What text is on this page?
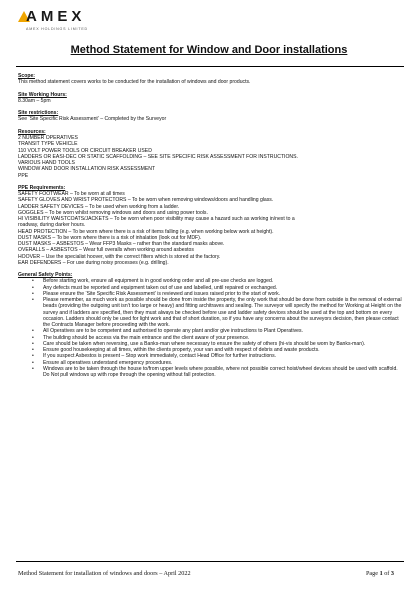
AMEX
AMEX HOLDINGS LIMITED
Method Statement for Window and Door installations
Scope:
This method statement covers works to be conducted for the installation of windows and door products.
Site Working Hours:
8.30am – 5pm
Site restrictions:
See ‘Site Specific Risk Assessment’ – Completed by the Surveyor
Resources:
2 NUMBER OPERATIVES
TRANSIT TYPE VEHICLE
110 VOLT POWER TOOLS OR CIRCUIT BREAKER USED
LADDERS OR EASI-DEC OR STATIC SCAFFOLDING – SEE SITE SPECIFIC RISK ASSESSMENT FOR INSTRUCTIONS.
VARIOUS HAND TOOLS
WINDOW AND DOOR INSTALLATION RISK ASSESSMENT
PPE
PPE Requirements:
SAFETY FOOTWEAR – To be worn at all times
SAFETY GLOVES AND WRIST PROTECTORS – To be worn when removing windows/doors and handling glass.
LADDER SAFETY DEVICES – To be used when working from a ladder.
GOGGLES – To be worn whilst removing windows and doors and using power tools.
HI VISIBILITY WAISTCOATS/JACKETS – To be worn when poor visibility may cause a hazard such as working in/next to a
roadway, during darker hours.
HEAD PROTECTION – To be worn where there is a risk of items falling (e.g. when working below work at height).
DUST MASKS – To be worn where there is a risk of inhalation (look out for MDF).
DUST MASKS – ASBESTOS – Wear FFP3 Masks – rather than the standard masks above.
OVERALLS – ASBESTOS – Wear full overalls when working around asbestos
HOOVER – Use the specialist hoover, with the correct filters which is stored at the factory.
EAR DEFENDERS – For use during noisy processes (e.g. drilling).
General Safety Points:
• Before starting work, ensure all equipment is in good working order and all pre-use checks are logged.
• Any defects must be reported and equipment taken out of use and labelled, until repaired or exchanged.
• Please ensure the ‘Site Specific Risk Assessment’ is reviewed and issues raised prior to the start of work.
• Please remember, as much work as possible should be done from inside the property, the only work that should be done from outside is the removal of external beads (providing the outgoing unit isn’t too large or heavy) and fitting architraves and sealing. The surveyor will specify the method for Working at Height on the survey and if ladders are specified, then they must always be checked before use and ladder safety devices should be used at the top and bottom on every occasion. Ladders should only be used for light work and that of short duration, so if you have any concerns about the surveyors decision, then please contact the Contracts Manager before proceeding with the work.
• All Operatives are to be competent and authorised to operate any plant and/or give instructions to Plant Operatives.
• The building should be access via the main entrance and the client aware of your presence.
• Care should be taken when reversing, use a Banks-man where necessary to ensure the safety of others (hi-vis should be worn by Banks-man).
• Ensure good housekeeping at all times, within the clients property, your van and with respect of debris and waste products.
• If you suspect Asbestos is present – Stop work immediately, contact Head Office for further instructions.
• Ensure all operatives understand emergency procedures.
• Windows are to be taken through the house to/from upper levels where possible, where not possible correct hoist/wheel devices should be used with scaffold. Do Not pull windows up with rope through the opening without fall protection.
Method Statement for installation of windows and doors – April 2022	Page 1 of 3
